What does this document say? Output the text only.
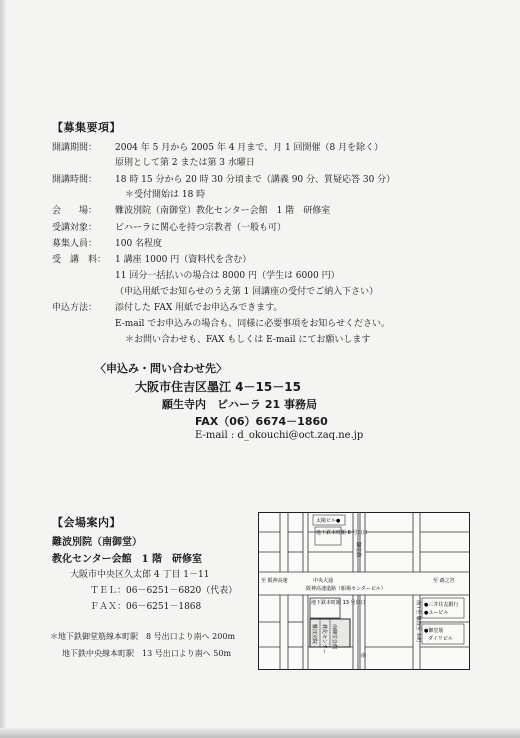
【募集要項】
開講期間： 2004 年 5 月から 2005 年 4 月まで、月 1 回開催（8 月を除く）
原則として第 2 または第 3 水曜日
開講時間： 18 時 15 分から 20 時 30 分頃まで（講義 90 分、質疑応答 30 分）
＊受付開始は 18 時
会　　場： 難波別院（南御堂）教化センター会館　1 階　研修室
受講対象： ビハーラに関心を持つ宗教者（一般も可）
募集人員： 100 名程度
受　講　料： 1 講座 1000 円（資料代を含む）
11 回分一括払いの場合は 8000 円（学生は 6000 円）
（申込用紙でお知らせのうえ第 1 回講座の受付でご納入下さい）
申込方法： 添付した FAX 用紙でお申込みできます。
E-mail でお申込みの場合も、同様に必要事項をお知らせください。
＊お問い合わせも、FAX もしくは E-mail にてお願いします
〈申込み・問い合わせ先〉
大阪市住吉区墨江 4－15－15
願生寺内　ビハーラ 21 事務局
FAX（06）6674－1860
E-mail : d_okouchi@oct.zaq.ne.jp
【会場案内】
難波別院（南御堂）
教化センター会館　1 階　研修室
大阪市中央区久太郎 4 丁目 1－11
ＴＥＬ：06－6251－6820（代表）
ＦＡＸ：06－6251－1868
＊地下鉄御堂筋線本町駅　8 号出口より南へ 200m
地下鉄中央線本町駅　13 号出口より南へ 50m
太陽ビル●
地下鉄本町駅 8 号出口
御堂筋
至 阪神高速	中央大通
阪神高速道路（船場センタービル）
至 森之宮
地下鉄本町駅 13 号出口
難波別院 教化センター 南御堂会館
●三井住友銀行
●ユーピル
南↑至 難波至 本町 ●御堂筋
ダイワビル
南
